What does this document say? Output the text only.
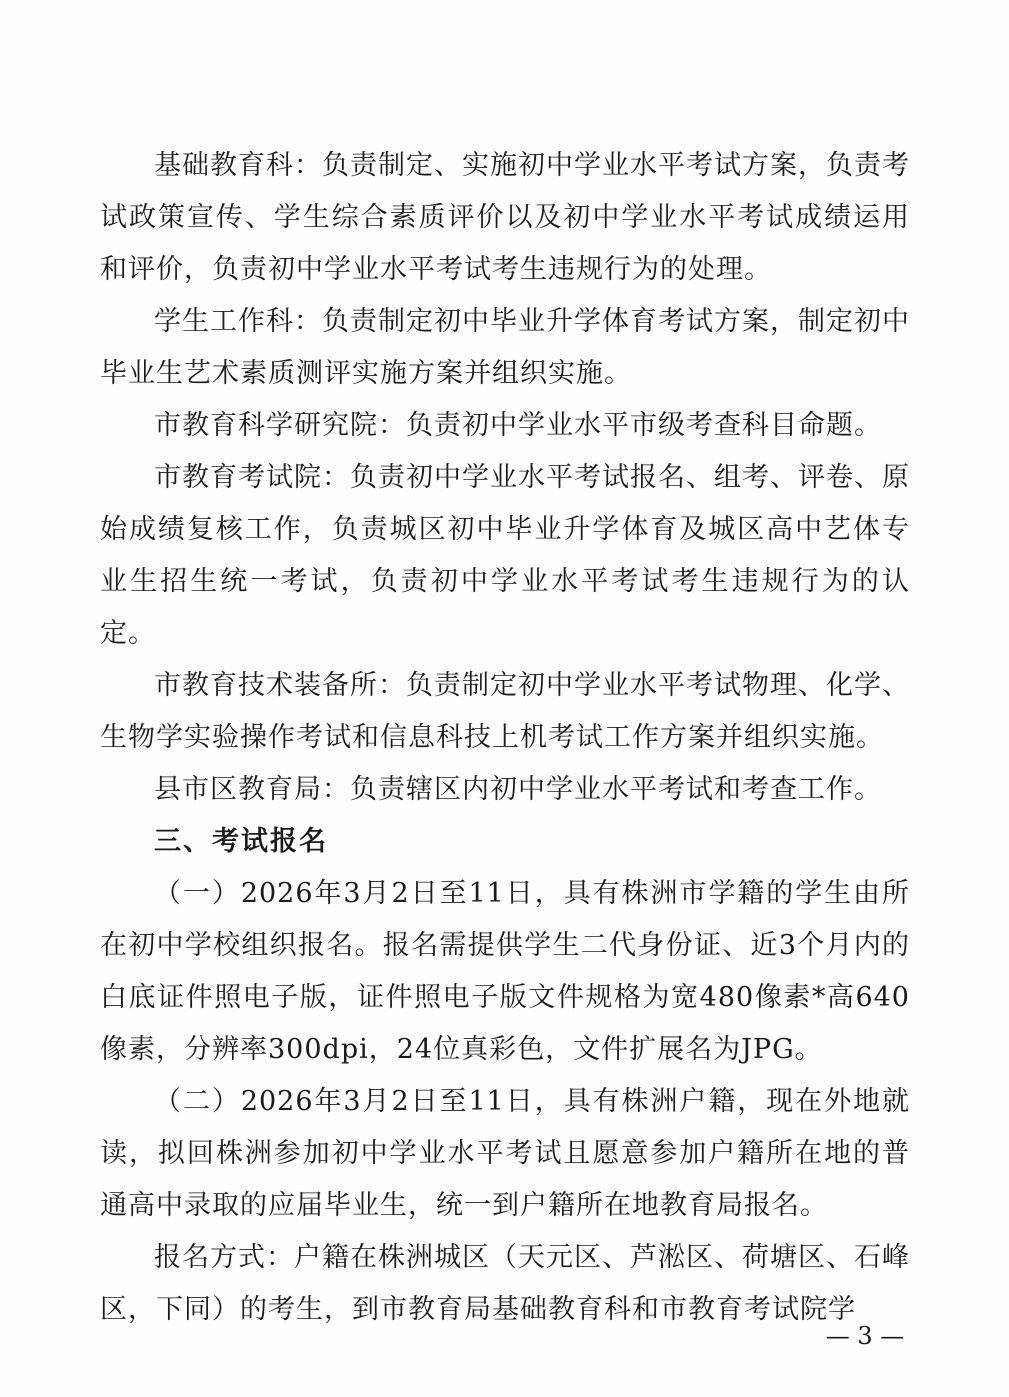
基础教育科：负责制定、实施初中学业水平考试方案，负责考试政策宣传、学生综合素质评价以及初中学业水平考试成绩运用和评价，负责初中学业水平考试考生违规行为的处理。

学生工作科：负责制定初中毕业升学体育考试方案，制定初中毕业生艺术素质测评实施方案并组织实施。

市教育科学研究院：负责初中学业水平市级考查科目命题。

市教育考试院：负责初中学业水平考试报名、组考、评卷、原始成绩复核工作，负责城区初中毕业升学体育及城区高中艺体专业生招生统一考试，负责初中学业水平考试考生违规行为的认定。

市教育技术装备所：负责制定初中学业水平考试物理、化学、生物学实验操作考试和信息科技上机考试工作方案并组织实施。

县市区教育局：负责辖区内初中学业水平考试和考查工作。

三、考试报名

（一）2026年3月2日至11日，具有株洲市学籍的学生由所在初中学校组织报名。报名需提供学生二代身份证、近3个月内的白底证件照电子版，证件照电子版文件规格为宽480像素*高640像素，分辨率300dpi，24位真彩色，文件扩展名为JPG。

（二）2026年3月2日至11日，具有株洲户籍，现在外地就读，拟回株洲参加初中学业水平考试且愿意参加户籍所在地的普通高中录取的应届毕业生，统一到户籍所在地教育局报名。

报名方式：户籍在株洲城区（天元区、芦淞区、荷塘区、石峰区，下同）的考生，到市教育局基础教育科和市教育考试院学

— 3 —
